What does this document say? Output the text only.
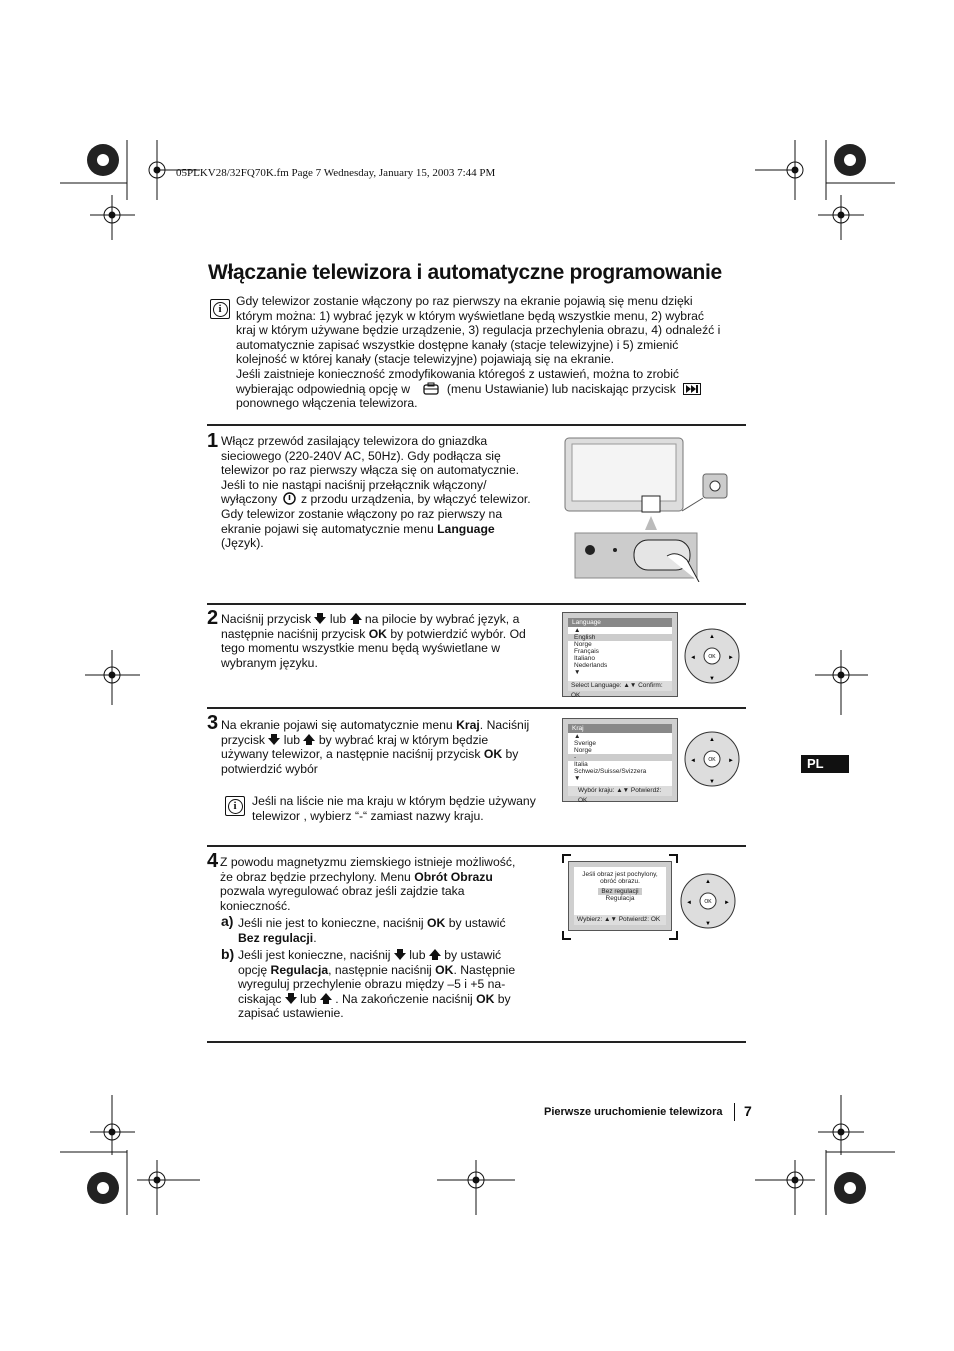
05PLKV28/32FQ70K.fm Page 7 Wednesday, January 15, 2003 7:44 PM
Włączanie telewizora i automatyczne programowanie
i
Gdy telewizor zostanie włączony po raz pierwszy na ekranie pojawią się menu dzięki
którym można: 1) wybrać język w którym wyświetlane będą wszystkie menu, 2) wybrać
kraj w którym używane będzie urządzenie, 3) regulacja przechylenia obrazu, 4) odnaleźć i
automatycznie zapisać wszystkie dostępne kanały (stacje telewizyjne) i 5) zmienić
kolejność w której kanały (stacje telewizyjne) pojawiają się na ekranie.
Jeśli zaistnieje konieczność zmodyfikowania któregoś z ustawień, można to zrobić
wybierając odpowiednią opcję w	(menu Ustawianie) lub naciskając przycisk
ponownego włączenia telewizora.
1 Włącz przewód zasilający telewizora do gniazdka
sieciowego (220-240V AC, 50Hz). Gdy podłącza się
telewizor po raz pierwszy włącza się on automatycznie.
Jeśli to nie nastąpi naciśnij przełącznik włączony/
wyłączony z przodu urządzenia, by włączyć telewizor.
Gdy telewizor zostanie włączony po raz pierwszy na
ekranie pojawi się automatycznie menu Language
(Język).
2 Naciśnij przycisk lub na pilocie by wybrać język, a
następnie naciśnij przycisk OK by potwierdzić wybór. Od
tego momentu wszystkie menu będą wyświetlane w
wybranym języku.
Language
▲
English
Norge
Français
Italiano
Nederlands
▼
Select Language: ▲▼ Confirm: OK
OK
▲
▼
◄	►
3 Na ekranie pojawi się automatycznie menu Kraj. Naciśnij
przycisk lub by wybrać kraj w którym będzie
używany telewizor, a następnie naciśnij przycisk OK by
potwierdzić wybór
i	Jeśli na liście nie ma kraju w którym będzie używany
telewizor , wybierz “-“ zamiast nazwy kraju.
Kraj
▲
Sverige
Norge
-
Italia
Schweiz/Suisse/Svizzera
▼
Wybór kraju: ▲▼ Potwierdź: OK
OK
▲
▼
◄	►	PL
4 Z powodu magnetyzmu ziemskiego istnieje możliwość,
że obraz będzie przechylony. Menu Obrót Obrazu
pozwala wyregulować obraz jeśli zajdzie taka
konieczność.
a) Jeśli nie jest to konieczne, naciśnij OK by ustawić
Bez regulacji.
b) Jeśli jest konieczne, naciśnij lub by ustawić
opcję Regulacja, następnie naciśnij OK. Następnie
wyreguluj przechylenie obrazu między –5 i +5 na-
ciskając lub . Na zakończenie naciśnij OK by
zapisać ustawienie.
Jeśli obraz jest pochylony,
obróć obrazu.
Bez regulacji
Regulacja
Wybierz: ▲▼ Potwierdź: OK
OK
▲
▼
◄	►
Pierwsze uruchomienie telewizora 7
